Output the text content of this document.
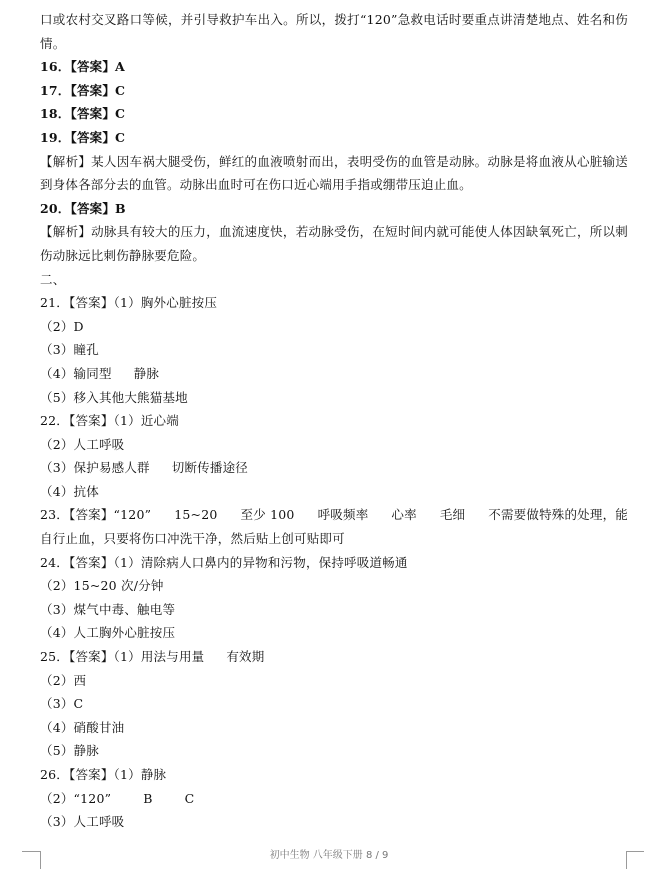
口或农村交叉路口等候，并引导救护车出入。所以，拨打“120”急救电话时要重点讲清楚地点、姓名和伤情。
16．【答案】A
17．【答案】C
18．【答案】C
19．【答案】C
【解析】某人因车祸大腿受伤，鲜红的血液喷射而出，表明受伤的血管是动脉。动脉是将血液从心脏输送到身体各部分去的血管。动脉出血时可在伤口近心端用手指或绷带压迫止血。
20．【答案】B
【解析】动脉具有较大的压力，血流速度快，若动脉受伤，在短时间内就可能使人体因缺氧死亡，所以刺伤动脉远比刺伤静脉要危险。
二、
21．【答案】（1）胸外心脏按压
（2）D
（3）瞳孔
（4）输同型 静脉
（5）移入其他大熊猫基地
22．【答案】（1）近心端
（2）人工呼吸
（3）保护易感人群 切断传播途径
（4）抗体
23．【答案】“120” 15~20 至少 100 呼吸频率 心率 毛细 不需要做特殊的处理，能
自行止血，只要将伤口冲洗干净，然后贴上创可贴即可
24．【答案】（1）清除病人口鼻内的异物和污物，保持呼吸道畅通
（2）15~20 次/分钟
（3）煤气中毒、触电等
（4）人工胸外心脏按压
25．【答案】（1）用法与用量 有效期
（2）西
（3）C
（4）硝酸甘油
（5）静脉
26．【答案】（1）静脉
（2）“120”	B	C
（3）人工呼吸
初中生物 八年级下册 8 / 9
